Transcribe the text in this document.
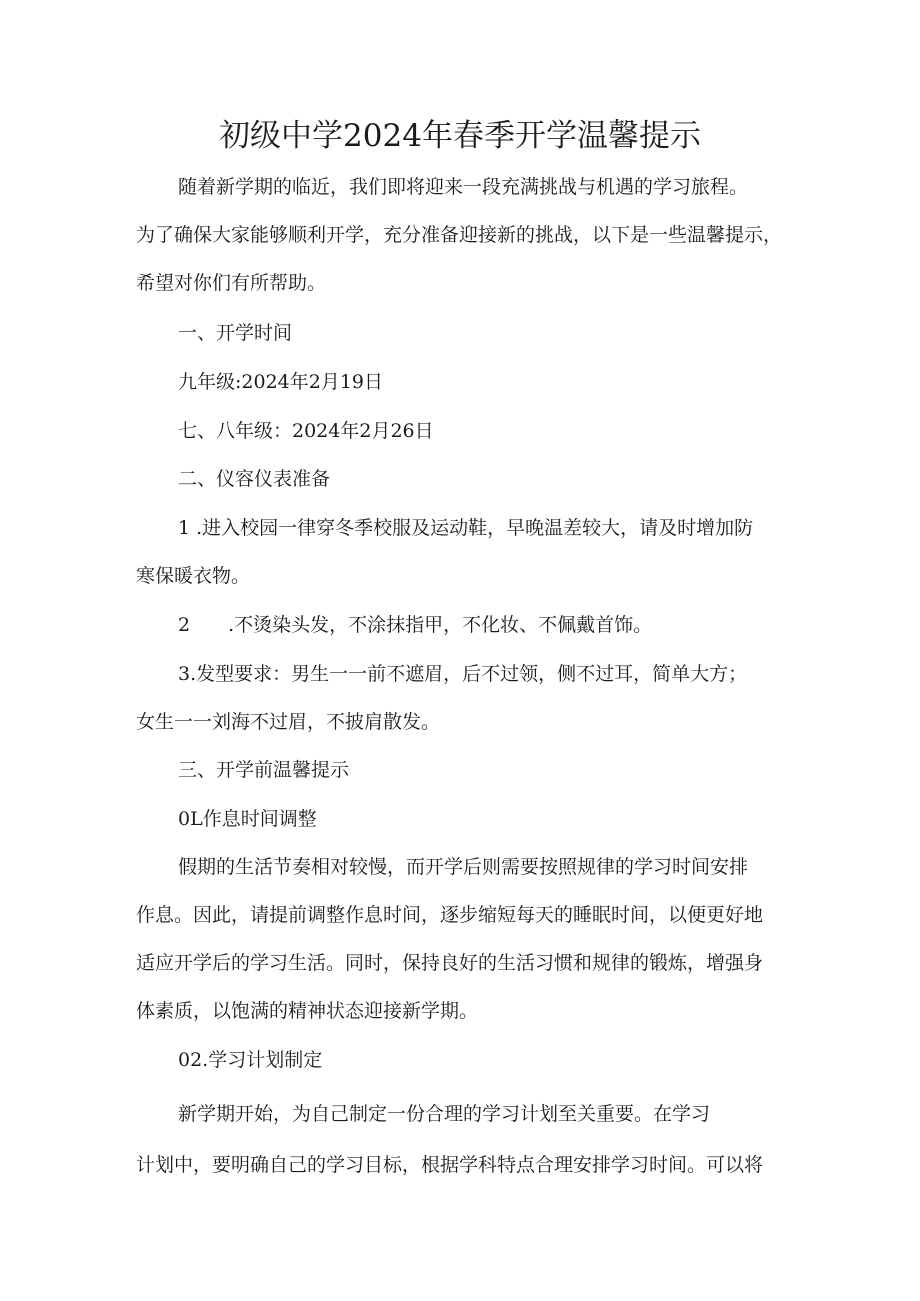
初级中学2024年春季开学温馨提示
随着新学期的临近，我们即将迎来一段充满挑战与机遇的学习旅程。
为了确保大家能够顺利开学，充分准备迎接新的挑战，以下是一些温馨提示，
希望对你们有所帮助。
一、开学时间
九年级:2024年2月19日
七、八年级：2024年2月26日
二、仪容仪表准备
1 .进入校园一律穿冬季校服及运动鞋，早晚温差较大，请及时增加防
寒保暖衣物。
2　　.不烫染头发，不涂抹指甲，不化妆、不佩戴首饰。
3.发型要求：男生一一前不遮眉，后不过领，侧不过耳，简单大方；
女生一一刘海不过眉，不披肩散发。
三、开学前温馨提示
0L作息时间调整
假期的生活节奏相对较慢，而开学后则需要按照规律的学习时间安排
作息。因此，请提前调整作息时间，逐步缩短每天的睡眠时间，以便更好地
适应开学后的学习生活。同时，保持良好的生活习惯和规律的锻炼，增强身
体素质，以饱满的精神状态迎接新学期。
02.学习计划制定
新学期开始，为自己制定一份合理的学习计划至关重要。在学习
计划中，要明确自己的学习目标，根据学科特点合理安排学习时间。可以将
